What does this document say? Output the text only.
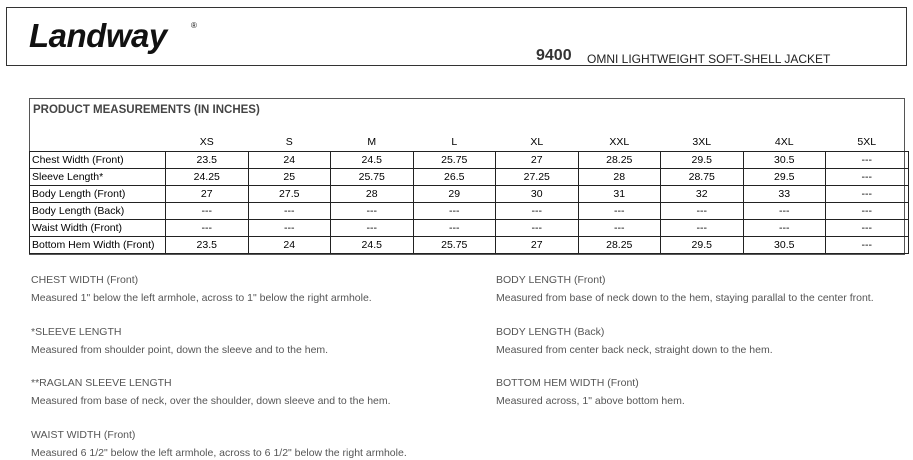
Landway	®
9400 OMNI LIGHTWEIGHT SOFT-SHELL JACKET
PRODUCT MEASUREMENTS (IN INCHES)
	XS	S	M	L	XL	XXL	3XL	4XL	5XL
Chest Width (Front)	23.5	24	24.5	25.75	27	28.25	29.5	30.5	---
Sleeve Length*	24.25	25	25.75	26.5	27.25	28	28.75	29.5	---
Body Length (Front)	27	27.5	28	29	30	31	32	33	---
Body Length (Back)	---	---	---	---	---	---	---	---	---
Waist Width (Front)	---	---	---	---	---	---	---	---	---
Bottom Hem Width (Front)	23.5	24	24.5	25.75	27	28.25	29.5	30.5	---
CHEST WIDTH (Front)
Measured 1" below the left armhole, across to 1" below the right armhole.
*SLEEVE LENGTH
Measured from shoulder point, down the sleeve and to the hem.
**RAGLAN SLEEVE LENGTH
Measured from base of neck, over the shoulder, down sleeve and to the hem.
WAIST WIDTH (Front)
Measured 6 1/2" below the left armhole, across to 6 1/2" below the right armhole.
BODY LENGTH (Front)
Measured from base of neck down to the hem, staying parallal to the center front.
BODY LENGTH (Back)
Measured from center back neck, straight down to the hem.
BOTTOM HEM WIDTH (Front)
Measured across, 1" above bottom hem.
